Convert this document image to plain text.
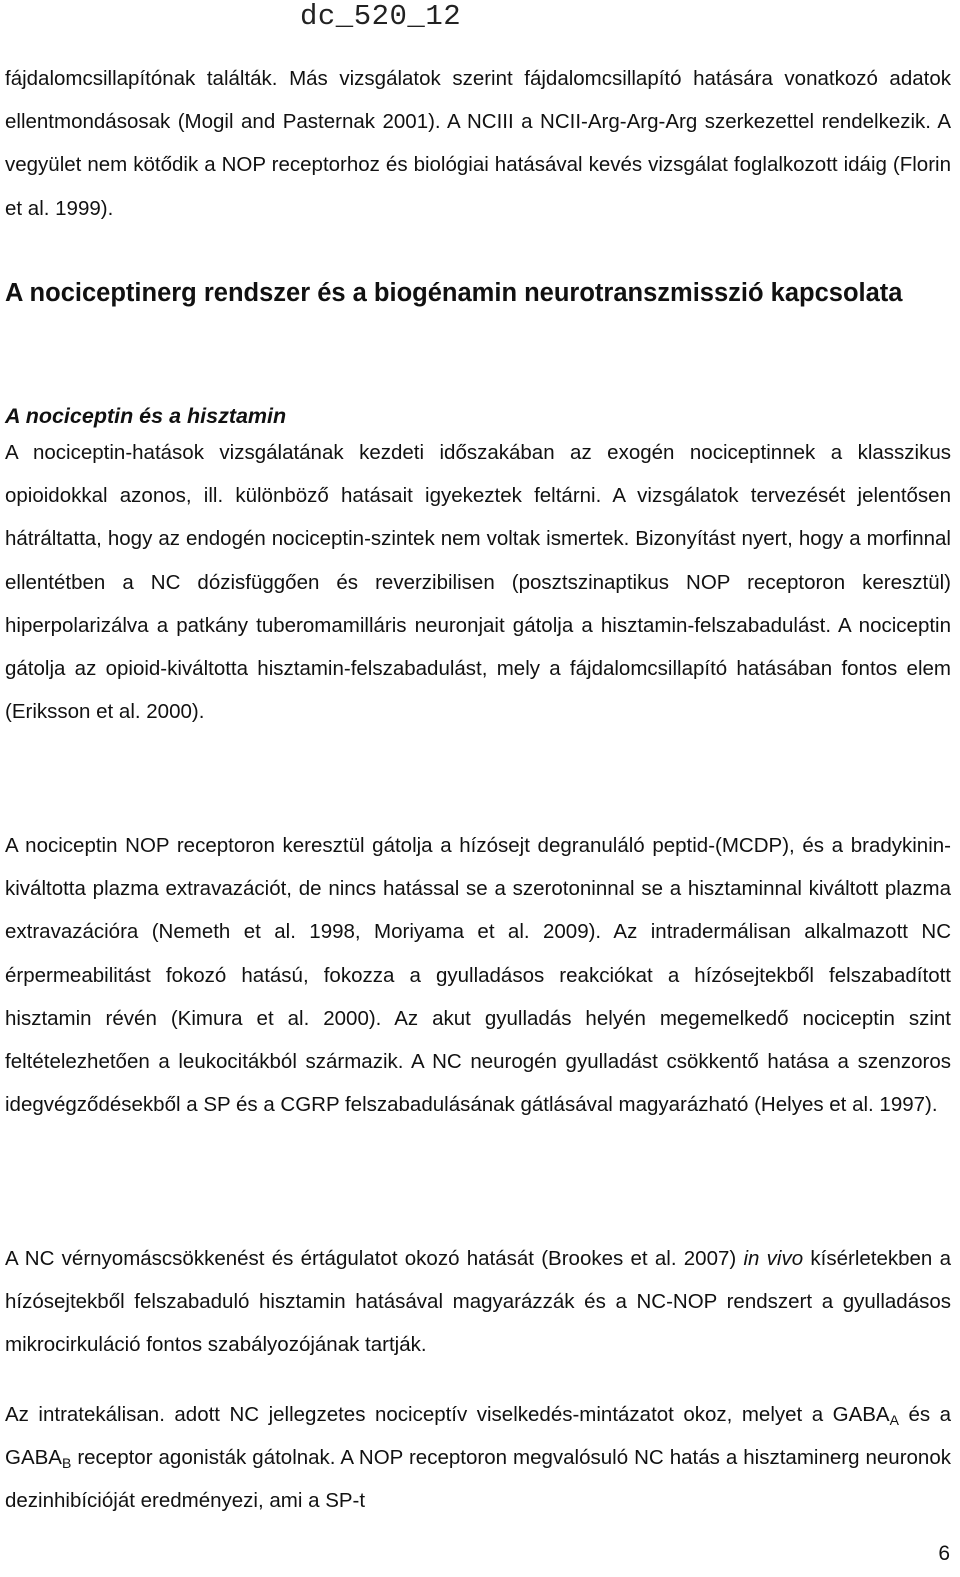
dc_520_12

fájdalomcsillapítónak találták. Más vizsgálatok szerint fájdalomcsillapító hatására vonatkozó adatok ellentmondásosak (Mogil and Pasternak 2001). A NCIII a NCII-Arg-Arg-Arg szerkezettel rendelkezik. A vegyület nem kötődik a NOP receptorhoz és biológiai hatásával kevés vizsgálat foglalkozott idáig (Florin et al. 1999).

A nociceptinerg rendszer és a biogénamin neurotranszmisszió kapcsolata
A nociceptin és a hisztamin

A nociceptin-hatások vizsgálatának kezdeti időszakában az exogén nociceptinnek a klasszikus opioidokkal azonos, ill. különböző hatásait igyekeztek feltárni. A vizsgálatok tervezését jelentősen hátráltatta, hogy az endogén nociceptin-szintek nem voltak ismertek. Bizonyítást nyert, hogy a morfinnal ellentétben a NC dózisfüggően és reverzibilisen (posztszinaptikus NOP receptoron keresztül) hiperpolarizálva a patkány tuberomamilláris neuronjait gátolja a hisztamin-felszabadulást. A nociceptin gátolja az opioid-kiváltotta hisztamin-felszabadulást, mely a fájdalomcsillapító hatásában fontos elem (Eriksson et al. 2000).

A nociceptin NOP receptoron keresztül gátolja a hízósejt degranuláló peptid-(MCDP), és a bradykinin- kiváltotta plazma extravazációt, de nincs hatással se a szerotoninnal se a hisztaminnal kiváltott plazma extravazációra (Nemeth et al. 1998, Moriyama et al. 2009). Az intradermálisan alkalmazott NC érpermeabilitást fokozó hatású, fokozza a gyulladásos reakciókat a hízósejtekből felszabadított hisztamin révén (Kimura et al. 2000). Az akut gyulladás helyén megemelkedő nociceptin szint feltételezhetően a leukocitákból származik. A NC neurogén gyulladást csökkentő hatása a szenzoros idegvégződésekből a SP és a CGRP felszabadulásának gátlásával magyarázható (Helyes et al. 1997).

A NC vérnyomáscsökkenést és értágulatot okozó hatását (Brookes et al. 2007) in vivo kísérletekben a hízósejtekből felszabaduló hisztamin hatásával magyarázzák és a NC-NOP rendszert a gyulladásos mikrocirkuláció fontos szabályozójának tartják.

Az intratekálisan. adott NC jellegzetes nociceptív viselkedés-mintázatot okoz, melyet a $GABA_A$ és a $GABA_B$ receptor agonisták gátolnak. A NOP receptoron megvalósuló NC hatás a hisztaminerg neuronok dezinhibícióját eredményezi, ami a SP-t

6
